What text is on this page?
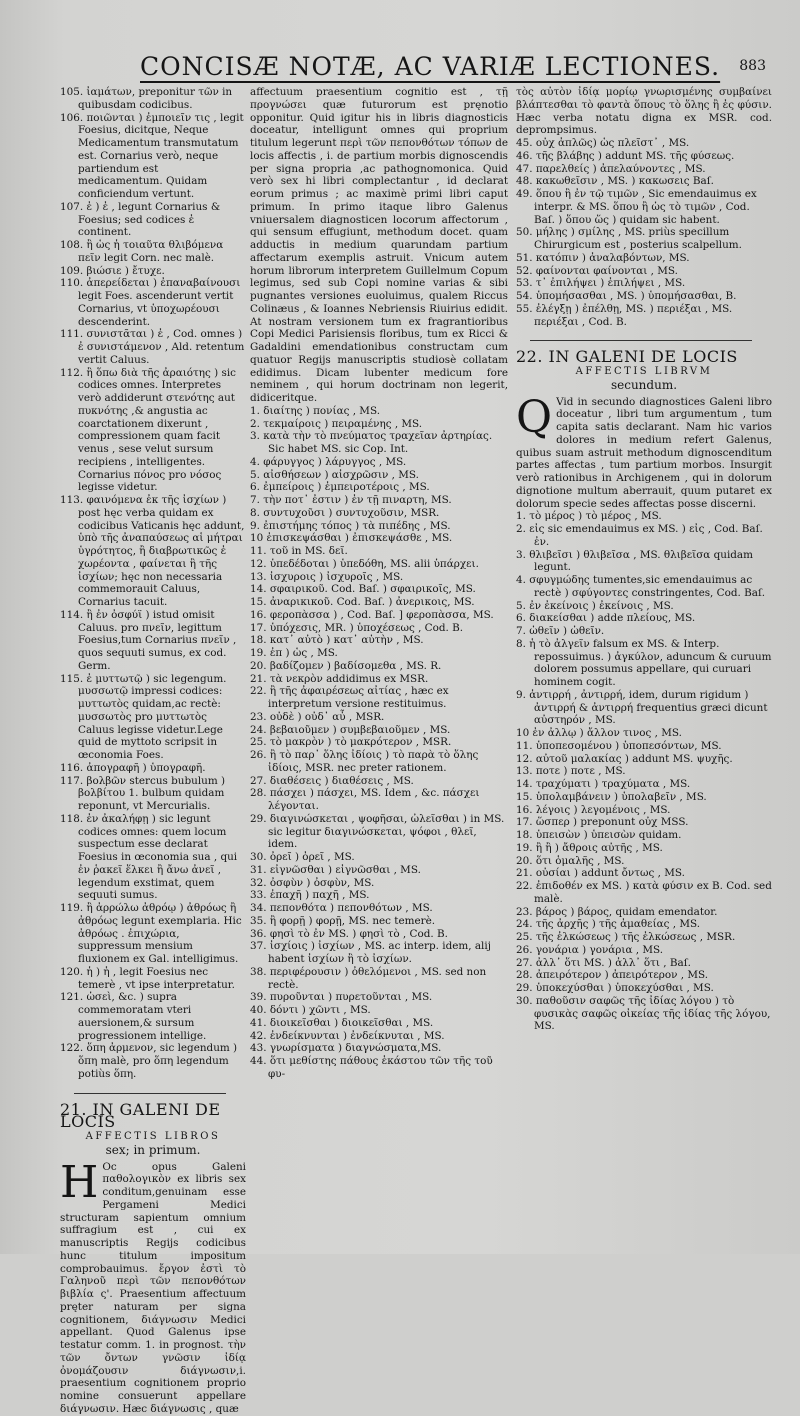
CONCISÆ NOTÆ, AC VARIÆ LECTIONES. 883
105. ἰαμάτων, preponitur τῶν in quibusdam codicibus.
106. ποιῶνται ) ἐμποιεῖν τις , legit Foesius, dicitque, Neque Medicamentum transmutatum est. Cornarius verò, neque partiendum est medicamentum. Quidam conficiendum vertunt.
107. ἐ ) ἐ , legunt Cornarius & Foesius; sed codices ἐ continent.
108. ἢ ὡς ἡ τοιαῦτα θλιβόμενα πεῖν legit Corn. nec malè.
109. βιώσιε ) ἔτυχε.
110. ἀπερείδεται ) ἐπαναβαίνουσι legit Foes. ascenderunt vertit Cornarius, vt ὑποχωρέουσι descenderint.
111. συνιστᾶται ) ἐ , Cod. omnes ) ἐ συνιστάμενον , Ald. retentum vertit Caluus.
112. ἢ ὅπω διὰ τῆς ἀραιότης ) sic codices omnes. Interpretes verò addiderunt στενότης aut πυκνότης ,& angustia ac coarctationem dixerunt , compressionem quam facit venus , sese velut sursum recipiens , intelligentes. Cornarius πόνος pro νόσος legisse videtur.
113. φαινόμενα ἐκ τῆς ἰσχίων ) post hęc verba quidam ex codicibus Vaticanis hęc addunt, ὑπὸ τῆς ἀναπαύσεως αἱ μήτραι ὑγρότητος, ἢ διαβρωτικῶς ἐ χωρέοντα , φαίνεται ἢ τῆς ἰσχίων; hęc non necessaria commemorauit Caluus, Cornarius tacuit.
114. ἢ ἐν ὀσφύϊ ) istud omisit Caluus. pro πνεῖν, legittum Foesius,tum Cornarius πνεῖν , quos sequuti sumus, ex cod. Germ.
115. ἐ μυττωτῷ ) sic legengum. μυσσωτῷ impressi codices: μυττωτὸς quidam,ac rectè: μυσσωτὸς pro μυττωτὸς Caluus legisse videtur.Lege quid de myttoto scripsit in œconomia Foes.
116. ἀπογραφῆ ) ὑπογραφῆ.
117. βολβῶν stercus bubulum ) βολβίτου 1. bulbum quidam reponunt, vt Mercurialis.
118. ἐν ἀκαλήφῃ ) sic legunt codices omnes: quem locum suspectum esse declarat Foesius in œconomia sua , qui ἐν ῥακεῖ ἕλκει ἢ ἄνω ἀνεῖ , legendum exstimat, quem sequuti sumus.
119. ἢ ἀρρώλω ἀθρόῳ ) ἀθρόως ἢ ἀθρόως legunt exemplaria. Hic ἀθρόως . ἐπιχώρια, suppressum mensium fluxionem ex Gal. intelligimus.
120. ἡ ) ἡ , legit Foesius nec temerè , vt ipse interpretatur.
121. ὡσεὶ, &c. ) supra commemoratam vteri auersionem,& sursum progressionem intellige.
122. ὅπη ἀρμενον, sic legendum ) ὅπη malè, pro ὅπη legendum potiùs ὅπη.
21. IN GALENI DE LOCIS
AFFECTIS LIBROS
sex; in primum.
H Oc opus Galeni παθολογικὸν ex libris sex conditum,genuinam esse Pergameni Medici structuram sapientum omnium suffragium est , cui ex manuscriptis Regijs codicibus hunc titulum impositum comprobauimus. ἔργον ἐστὶ τὸ Γαληνοῦ περὶ τῶν πεπονθότων βιβλία ς'. Praesentium affectuum pręter naturam per signa cognitionem, διάγνωσιν Medici appellant. Quod Galenus ipse testatur comm. 1. in prognost. τὴν τῶν ὄντων γνῶσιν ἰδίᾳ ὀνομάζουσιν διάγνωσιν,i. praesentium cognitionem proprio nomine consuerunt appellare διάγνωσιν. Hæc διάγνωσις , quæ
affectuum praesentium cognitio est , τῇ προγνώσει quæ futurorum est pręnotio opponitur. Quid igitur his in libris diagnosticis doceatur, intelligunt omnes qui proprium titulum legerunt περὶ τῶν πεπονθότων τόπων de locis affectis , i. de partium morbis dignoscendis per signa propria ,ac pathognomonica. Quid verò sex hi libri complectantur , id declarat eorum primus ; ac maximè primi libri caput primum. In primo itaque libro Galenus vniuersalem diagnosticen locorum affectorum , qui sensum effugiunt, methodum docet. quam adductis in medium quarundam partium affectarum exemplis astruit. Vnicum autem horum librorum interpretem Guillelmum Copum legimus, sed sub Copi nomine varias & sibi pugnantes versiones euoluimus, qualem Riccus Colinæus , & Ioannes Nebriensis Riuirius edidit. At nostram versionem tum ex fragrantioribus Copi Medici Parisiensis floribus, tum ex Ricci & Gadaldini emendationibus constructam cum quatuor Regijs manuscriptis studiosè collatam edidimus. Dicam lubenter medicum fore neminem , qui horum doctrinam non legerit, didiceritque.
1. διαίτης ) πονίας , MS.
2. τεκμαίροις ) πειραμένης , MS.
3. κατὰ τὴν τὸ πνεύματος τραχεῖαν ἀρτηρίας. Sic habet MS. sic Cop. Int.
4. φάρυγγος ) λάρυγγος , MS.
5. αἰσθήσεων ) αἰσχρῶσιν , MS.
6. ἐμπείροις ) ἐμπειροτέροις , MS.
7. τὴν ποτ᾽ ἐστιν ) ἐν τῇ πιναρτη, MS.
8. συντυχοῦσι ) συντυχοῦσιν, MSR.
9. ἐπιστήμης τόπος ) τὰ πιπέδης , MS.
10 ἐπισκεψάσθαι ) ἐπισκεψάσθε , MS.
11. τοῦ in MS. δεῖ.
12. ὑπεδέδοται ) ὑπεδόθη, MS. alii ὑπάρχει.
13. ἰσχυροις ) ἰσχυροῖς , MS.
14. σφαιρικοῦ. Cod. Baſ. ) σφαιρικοῖς, MS.
15. ἀναρικικοῦ. Cod. Baſ. ) ἀνερικοις, MS.
16. φεροπὰσσα ) , Cod. Baſ. ] φεροπὰσσα, MS.
17. ὑπόχεσις, MR. ) ὑποχέσεως , Cod. B.
18. κατ᾽ αὐτὸ ) κατ᾽ αὐτὴν , MS.
19. ἐπ ) ὡς , MS.
20. βαδίζομεν ) βαδίσομεθα , MS. R.
21. τὰ νεκρὸν addidimus ex MSR.
22. ἢ τῆς ἀφαιρέσεως αἰτίας , hæc ex interpretum versione restituimus.
23. οὐδὲ ) οὐδ᾽ αὖ , MSR.
24. βεβαιοῦμεν ) συμβεβαιοῦμεν , MS.
25. τὸ μακρὸν ) τὸ μακρότερον , MSR.
26. ἢ τὸ παρ᾽ ὅλης ἰδίοις ) τὸ παρὰ τὸ ὅλης ἰδίοις, MSR. nec preter rationem.
27. διαθέσεις ) διαθέσεις , MS.
28. πάσχει ) πάσχει, MS. Idem , &c. πάσχει λέγονται.
29. διαγινώσκεται , ψοφῆσαι, ὠλεῖσθαι ) in MS. sic legitur διαγινώσκεται, ψόφοι , θλεῖ, idem.
30. ὀρεῖ ) ὀρεῖ , MS.
31. εἰγνῶσθαι ) εἰγνῶσθαι , MS.
32. ὀσφὺν ) ὀσφὺν, MS.
33. ἐπαχῆ ) παχῆ , MS.
34. πεπονθότα ) πεπονθότων , MS.
35. ἢ φορῇ ) φορῇ, MS. nec temerè.
36. φησὶ τὸ ἐν MS. ) φησὶ τὸ , Cod. B.
37. ἰσχίοις ) ἰσχίων , MS. ac interp. idem, alij habent ἰσχίων ἢ τὸ ἰσχίων.
38. περιφέρουσιν ) ὀθελόμενοι , MS. sed non rectè.
39. πυροῦνται ) πυρετοῦνται , MS.
40. δόντι ) χῶντι , MS.
41. διοικεῖσθαι ) διοικεῖσθαι , MS.
42. ἐνδείκνυνται ) ἐνδείκνυται , MS.
43. γνωρίσματα ) διαγνώσματα,MS.
44. ὅτι μεθίστης πάθους ἑκάστου τῶν τῆς τοῦ φυ-
τὸς αὐτὸν ἰδίᾳ μορίῳ γνωρισμένης συμβαίνει βλάπτεσθαι τὸ φαντὰ ὅπους τὸ ὅλης ἢ ἐς φύσιν. Hæc verba notatu digna ex MSR. cod. deprompsimus.
45. οὐχ ἀπλῶς) ὡς πλεῖστ᾽ , MS.
46. τῆς βλάβης ) addunt MS. τῆς φύσεως.
47. παρελθείς ) ἀπελαύνοντες , MS.
48. κακωθεῖσιν , MS. ) κακωσεις Baſ.
49. ὅπου ἢ ἐν τῷ τιμῶν , Sic emendauimus ex interpr. & MS. ὅπου ἢ ὡς τὸ τιμῶν , Cod. Baſ. ) ὅπου ὥς ) quidam sic habent.
50. μήλης ) σμίλης , MS. priùs specillum Chirurgicum est , posterius scalpellum.
51. κατόπιν ) ἀναλαβόντων, MS.
52. φαίνονται φαίνονται , MS.
53. τ᾽ ἐπιλήψει ) ἐπιλήψει , MS.
54. ὑπομήσασθαι , MS. ) ὑπομήσασθαι, B.
55. ἐλέγξῃ ) ἐπέλθῃ, MS. ) περιέξαι , MS. περιέξαι , Cod. B.
22. IN GALENI DE LOCIS
AFFECTIS LIBRVM
secundum.
Q Vid in secundo diagnostices Galeni libro doceatur , libri tum argumentum , tum capita satis declarant. Nam hic varios dolores in medium refert Galenus, quibus suam astruit methodum dignoscenditum partes affectas , tum partium morbos. Insurgit verò rationibus in Archigenem , qui in dolorum dignotione multum aberrauit, quum putaret ex dolorum specie sedes affectas posse discerni.
1. τὸ μέρος ) τὸ μέρος , MS.
2. εἰς sic emendauimus ex MS. ) εἰς , Cod. Baſ. ἐν.
3. θλιβεῖσι ) θλιβεῖσα , MS. θλιβεῖσα quidam legunt.
4. σφυγμώδης tumentes,sic emendauimus ac rectè ) σφύγοντες constringentes, Cod. Baſ.
5. ἐν ἐκείνοις ) ἐκείνοις , MS.
6. διακείσθαι ) adde πλείους, MS.
7. ὠθεῖν ) ὠθεῖν.
8. ἡ τὸ ἀλγεῖν falsum ex MS. & Interp. repossuimus. ) ἀγκύλον, aduncum & curuum dolorem possumus appellare, qui curuari hominem cogit.
9. ἀντιρρή , ἀντιρρή, idem, durum rigidum ) ἀντιρρή & ἀντιρρή frequentius græci dicunt αὐστηρόν , MS.
10 ἐν ἀλλῳ ) ἄλλον τινος , MS.
11. ὑποπεσομένου ) ὑποπεσόντων, MS.
12. αὐτοῦ μαλακίας ) addunt MS. ψυχῆς.
13. ποτε ) ποτε , MS.
14. τραχύματι ) τραχύματα , MS.
15. ὑπολαμβάνειν ) ὑπολαβεῖν , MS.
16. λέγοις ) λεγομένοις , MS.
17. ὥσπερ ) preponunt οὐχ MSS.
18. ὑπεισὼν ) ὑπεισὼν quidam.
19. ἢ ἢ ) ἄθροις αὐτῆς , MS.
20. ὅτι ὁμαλῆς , MS.
21. οὐσίαι ) addunt ὄντως , MS.
22. ἐπιδοθέν ex MS. ) κατὰ φύσιν ex B. Cod. sed malè.
23. βάρος ) βάρος, quidam emendator.
24. τῆς ἀρχῆς ) τῆς ἀμαθείας , MS.
25. τῆς ἐλκώσεως ) τῆς ἐλκώσεως , MSR.
26. γονάρια ) γονάρια , MS.
27. ἀλλ᾽ ὅτι MS. ) ἀλλ᾽ ὅτι , Baſ.
28. ἀπειρότερον ) ἀπειρότερον , MS.
29. ὑποκεχύσθαι ) ὑποκεχύσθαι , MS.
30. παθοῦσιν σαφῶς τῆς ἰδίας λόγου ) τὸ φυσικὰς σαφῶς οἰκείας τῆς ἰδίας τῆς λόγου, MS.
